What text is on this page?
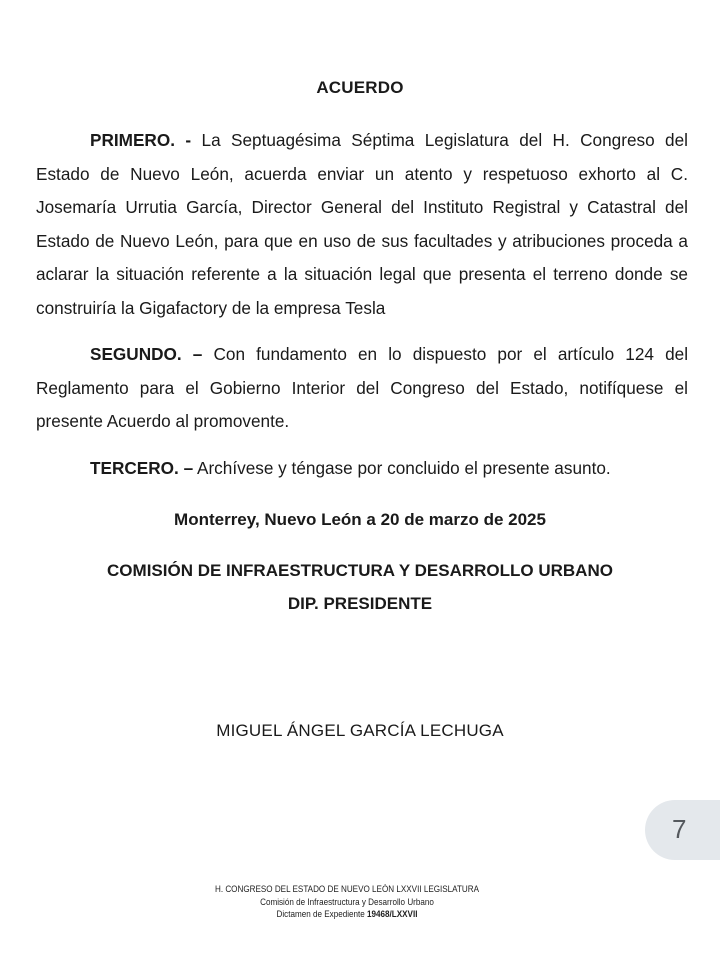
ACUERDO

PRIMERO. - La Septuagésima Séptima Legislatura del H. Congreso del Estado de Nuevo León, acuerda enviar un atento y respetuoso exhorto al C. Josemaría Urrutia García, Director General del Instituto Registral y Catastral del Estado de Nuevo León, para que en uso de sus facultades y atribuciones proceda a aclarar la situación referente a la situación legal que presenta el terreno donde se construiría la Gigafactory de la empresa Tesla

SEGUNDO. – Con fundamento en lo dispuesto por el artículo 124 del Reglamento para el Gobierno Interior del Congreso del Estado, notifíquese el presente Acuerdo al promovente.

TERCERO. – Archívese y téngase por concluido el presente asunto.

Monterrey, Nuevo León a 20 de marzo de 2025
COMISIÓN DE INFRAESTRUCTURA Y DESARROLLO URBANO
DIP. PRESIDENTE
MIGUEL ÁNGEL GARCÍA LECHUGA
7
H. CONGRESO DEL ESTADO DE NUEVO LEÓN LXXVII LEGISLATURA
Comisión de Infraestructura y Desarrollo Urbano
Dictamen de Expediente 19468/LXXVII
